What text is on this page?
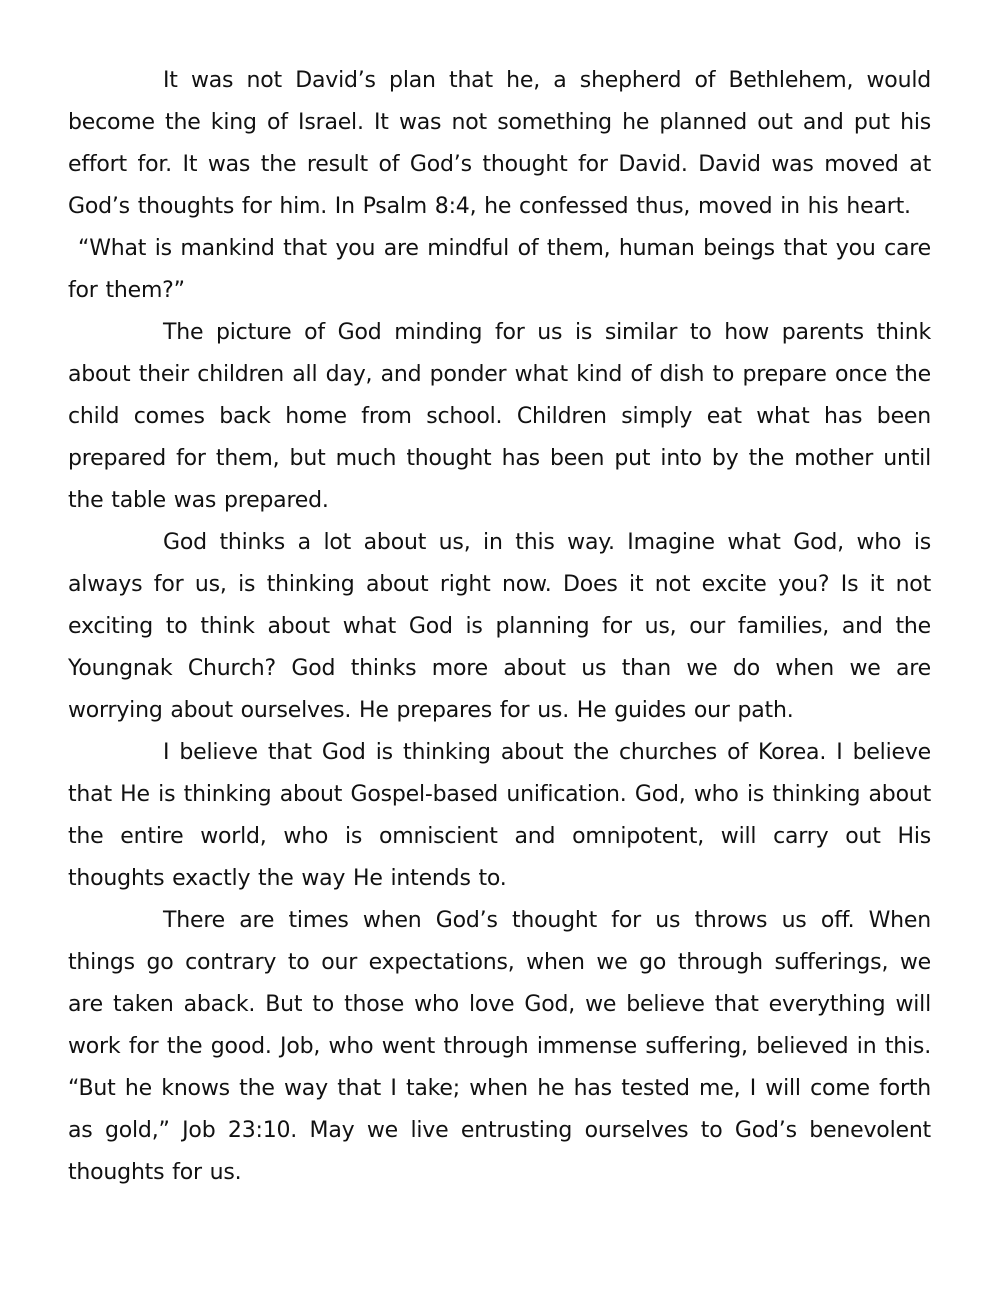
It was not David’s plan that he, a shepherd of Bethlehem, would become the king of Israel. It was not something he planned out and put his effort for. It was the result of God’s thought for David. David was moved at God’s thoughts for him. In Psalm 8:4, he confessed thus, moved in his heart.

“What is mankind that you are mindful of them, human beings that you care for them?”

The picture of God minding for us is similar to how parents think about their children all day, and ponder what kind of dish to prepare once the child comes back home from school. Children simply eat what has been prepared for them, but much thought has been put into by the mother until the table was prepared.

God thinks a lot about us, in this way. Imagine what God, who is always for us, is thinking about right now. Does it not excite you? Is it not exciting to think about what God is planning for us, our families, and the Youngnak Church? God thinks more about us than we do when we are worrying about ourselves. He prepares for us. He guides our path.

I believe that God is thinking about the churches of Korea. I believe that He is thinking about Gospel-based unification. God, who is thinking about the entire world, who is omniscient and omnipotent, will carry out His thoughts exactly the way He intends to.

There are times when God’s thought for us throws us off. When things go contrary to our expectations, when we go through sufferings, we are taken aback. But to those who love God, we believe that everything will work for the good. Job, who went through immense suffering, believed in this. “But he knows the way that I take; when he has tested me, I will come forth as gold,” Job 23:10. May we live entrusting ourselves to God’s benevolent thoughts for us.
